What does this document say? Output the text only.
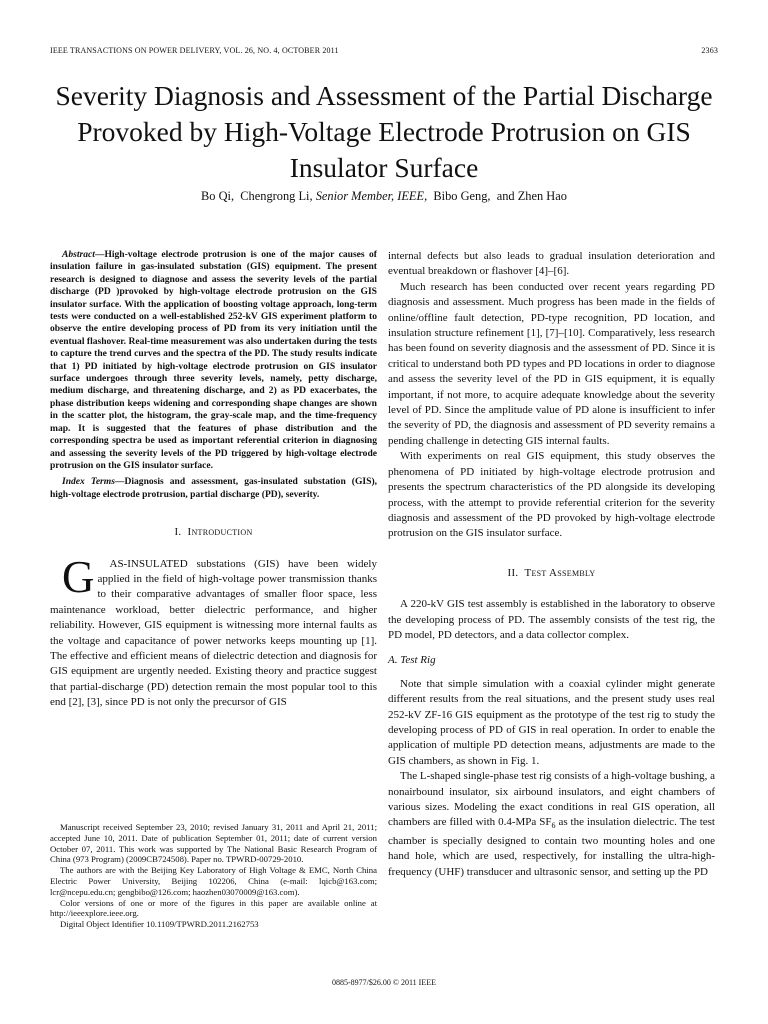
IEEE TRANSACTIONS ON POWER DELIVERY, VOL. 26, NO. 4, OCTOBER 2011	2363
Severity Diagnosis and Assessment of the Partial Discharge Provoked by High-Voltage Electrode Protrusion on GIS Insulator Surface
Bo Qi, Chengrong Li, Senior Member, IEEE, Bibo Geng, and Zhen Hao

Abstract—High-voltage electrode protrusion is one of the major causes of insulation failure in gas-insulated substation (GIS) equipment. The present research is designed to diagnose and assess the severity levels of the partial discharge (PD )provoked by high-voltage electrode protrusion on the GIS insulator surface. With the application of boosting voltage approach, long-term tests were conducted on a well-established 252-kV GIS experiment platform to observe the entire developing process of PD from its very initiation until the eventual flashover. Real-time measurement was also undertaken during the tests to capture the trend curves and the spectra of the PD. The study results indicate that 1) PD initiated by high-voltage electrode protrusion on GIS insulator surface undergoes through three severity levels, namely, petty discharge, medium discharge, and threatening discharge, and 2) as PD exacerbates, the phase distribution keeps widening and corresponding shape changes are shown in the scatter plot, the histogram, the gray-scale map, and the time-frequency map. It is suggested that the features of phase distribution and the corresponding spectra be used as important referential criterion in diagnosing and assessing the severity levels of the PD triggered by high-voltage electrode protrusion on the GIS insulator surface.

Index Terms—Diagnosis and assessment, gas-insulated substation (GIS), high-voltage electrode protrusion, partial discharge (PD), severity.

I. Introduction

G AS-INSULATED substations (GIS) have been widely applied in the field of high-voltage power transmission thanks to their comparative advantages of smaller floor space, less maintenance workload, better dielectric performance, and higher reliability. However, GIS equipment is witnessing more internal faults as the voltage and capacitance of power networks keeps mounting up [1]. The effective and efficient means of dielectric detection and diagnosis for GIS equipment are urgently needed. Existing theory and practice suggest that partial-discharge (PD) detection remain the most popular tool to this end [2], [3], since PD is not only the precursor of GIS

Manuscript received September 23, 2010; revised January 31, 2011 and April 21, 2011; accepted June 10, 2011. Date of publication September 01, 2011; date of current version October 07, 2011. This work was supported by The National Basic Research Program of China (973 Program) (2009CB724508). Paper no. TPWRD-00729-2010.

The authors are with the Beijing Key Laboratory of High Voltage & EMC, North China Electric Power University, Beijing 102206, China (e-mail: lqicb@163.com; lcr@ncepu.edu.cn; gengbibo@126.com; haozhen03070009@163.com).

Color versions of one or more of the figures in this paper are available online at http://ieeexplore.ieee.org.

Digital Object Identifier 10.1109/TPWRD.2011.2162753

internal defects but also leads to gradual insulation deterioration and eventual breakdown or flashover [4]–[6].

Much research has been conducted over recent years regarding PD diagnosis and assessment. Much progress has been made in the fields of online/offline fault detection, PD-type recognition, PD location, and insulation structure refinement [1], [7]–[10]. Comparatively, less research has been found on severity diagnosis and the assessment of PD. Since it is critical to understand both PD types and PD locations in order to diagnose and assess the severity level of the PD in GIS equipment, it is equally important, if not more, to acquire adequate knowledge about the severity level of PD. Since the amplitude value of PD alone is insufficient to infer the severity of PD, the diagnosis and assessment of PD severity remains a pending challenge in detecting GIS internal faults.

With experiments on real GIS equipment, this study observes the phenomena of PD initiated by high-voltage electrode protrusion and presents the spectrum characteristics of the PD alongside its developing process, with the attempt to provide referential criterion for the severity diagnosis and assessment of the PD provoked by high-voltage electrode protrusion on the GIS insulator surface.

II. Test Assembly

A 220-kV GIS test assembly is established in the laboratory to observe the developing process of PD. The assembly consists of the test rig, the PD model, PD detectors, and a data collector complex.

A. Test Rig

Note that simple simulation with a coaxial cylinder might generate different results from the real situations, and the present study uses real 252-kV ZF-16 GIS equipment as the prototype of the test rig to study the developing process of PD of GIS in real operation. In order to enable the application of multiple PD detection means, adjustments are made to the GIS chambers, as shown in Fig. 1.

The L-shaped single-phase test rig consists of a high-voltage bushing, a nonairbound insulator, six airbound insulators, and eight chambers of various sizes. Modeling the exact conditions in real GIS operation, all chambers are filled with 0.4-MPa $SF_6$ as the insulation dielectric. The test chamber is specially designed to contain two mounting holes and one hand hole, which are used, respectively, for installing the ultra-high-frequency (UHF) transducer and ultrasonic sensor, and setting up the PD

0885-8977/$26.00 © 2011 IEEE
